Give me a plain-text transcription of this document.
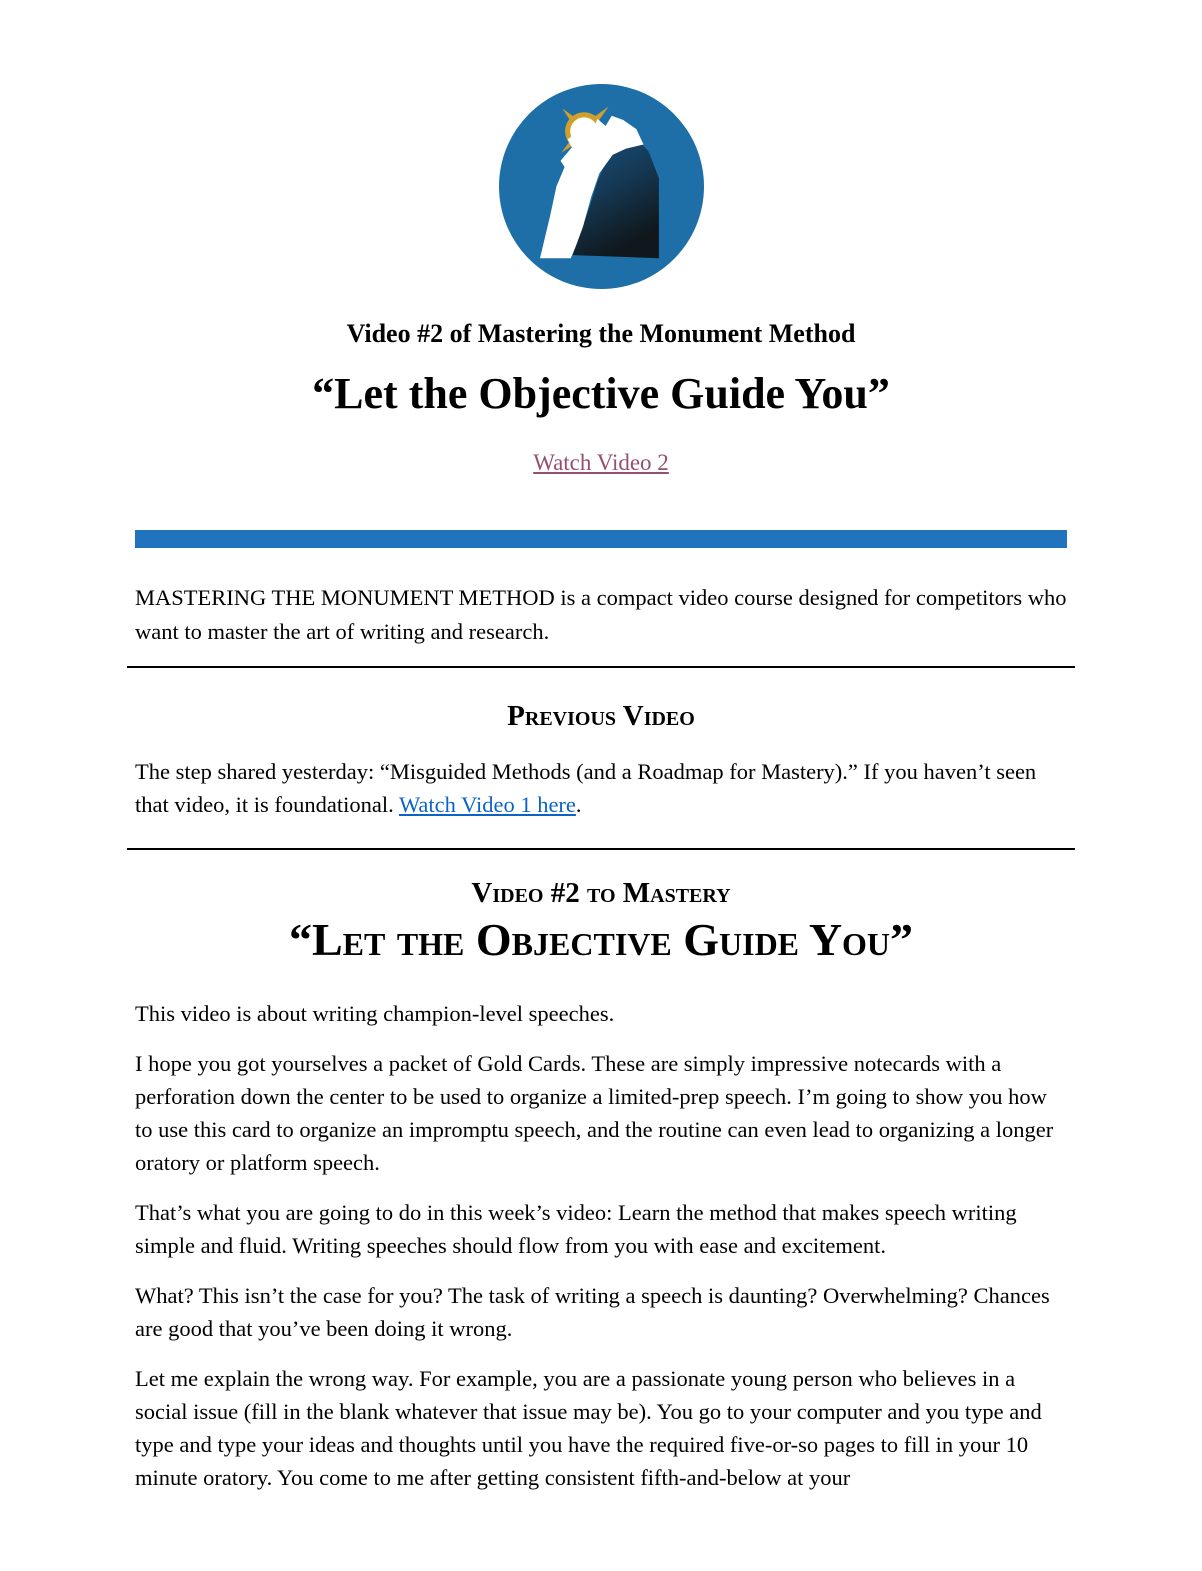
Video #2 of Mastering the Monument Method
“Let the Objective Guide You”

Watch Video 2

MASTERING THE MONUMENT METHOD is a compact video course designed for competitors who want to master the art of writing and research.

Previous Video

The step shared yesterday: “Misguided Methods (and a Roadmap for Mastery).” If you haven’t seen that video, it is foundational. Watch Video 1 here.

Video #2 to Mastery
“Let the Objective Guide You”

This video is about writing champion-level speeches.

I hope you got yourselves a packet of Gold Cards. These are simply impressive notecards with a perforation down the center to be used to organize a limited-prep speech. I’m going to show you how to use this card to organize an impromptu speech, and the routine can even lead to organizing a longer oratory or platform speech.

That’s what you are going to do in this week’s video: Learn the method that makes speech writing simple and fluid. Writing speeches should flow from you with ease and excitement.

What? This isn’t the case for you? The task of writing a speech is daunting? Overwhelming? Chances are good that you’ve been doing it wrong.

Let me explain the wrong way. For example, you are a passionate young person who believes in a social issue (fill in the blank whatever that issue may be). You go to your computer and you type and type and type your ideas and thoughts until you have the required five-or-so pages to fill in your 10 minute oratory. You come to me after getting consistent fifth-and-below at your
